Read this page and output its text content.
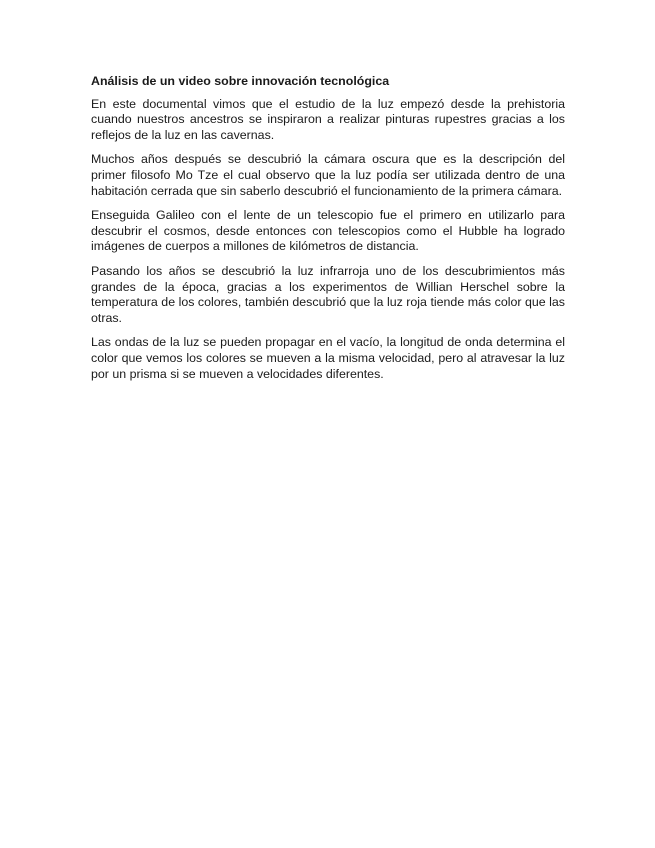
Análisis de un video sobre innovación tecnológica

En este documental vimos que el estudio de la luz empezó desde la prehistoria cuando nuestros ancestros se inspiraron a realizar pinturas rupestres gracias a los reflejos de la luz en las cavernas.

Muchos años después se descubrió la cámara oscura que es la descripción del primer filosofo Mo Tze el cual observo que la luz podía ser utilizada dentro de una habitación cerrada que sin saberlo descubrió el funcionamiento de la primera cámara.

Enseguida Galileo con el lente de un telescopio fue el primero en utilizarlo para descubrir el cosmos, desde entonces con telescopios como el Hubble ha logrado imágenes de cuerpos a millones de kilómetros de distancia.

Pasando los años se descubrió la luz infrarroja uno de los descubrimientos más grandes de la época, gracias a los experimentos de Willian Herschel sobre la temperatura de los colores, también descubrió que la luz roja tiende más color que las otras.

Las ondas de la luz se pueden propagar en el vacío, la longitud de onda determina el color que vemos los colores se mueven a la misma velocidad, pero al atravesar la luz por un prisma si se mueven a velocidades diferentes.
